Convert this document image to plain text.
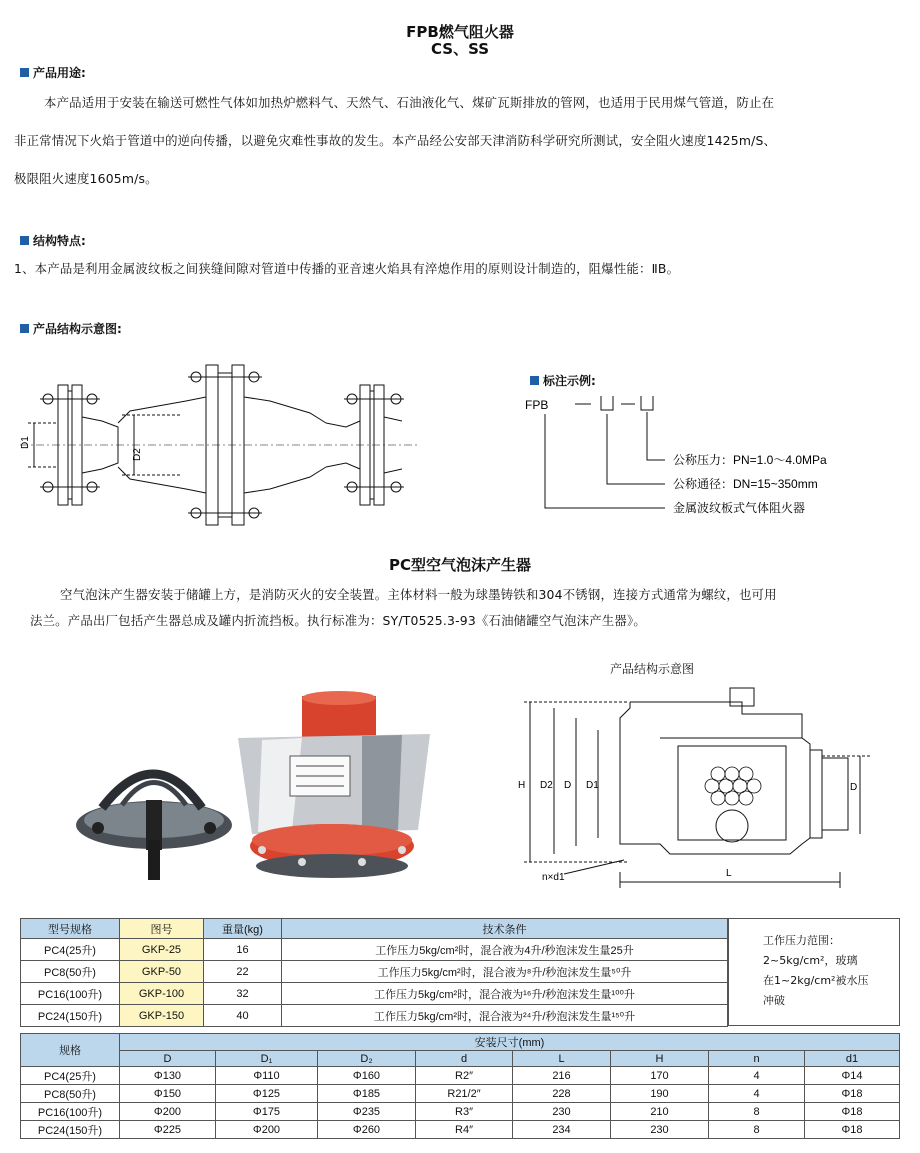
FPB燃气阻火器
CS、SS
产品用途:
本产品适用于安装在输送可燃性气体如加热炉燃料气、天然气、石油液化气、煤矿瓦斯排放的管网，也适用于民用煤气管道，防止在
非正常情况下火焰于管道中的逆向传播，以避免灾难性事故的发生。本产品经公安部天津消防科学研究所测试，安全阻火速度1425m/S、
极限阻火速度1605m/s。
结构特点:
1、本产品是利用金属波纹板之间狭缝间隙对管道中传播的亚音速火焰具有淬熄作用的原则设计制造的，阻爆性能：ⅡB。
产品结构示意图:
D1
D2
标注示例:
FPB
公称压力：PN=1.0～4.0MPa
公称通径：DN=15~350mm
金属波纹板式气体阻火器
PC型空气泡沫产生器
空气泡沫产生器安装于储罐上方，是消防灭火的安全装置。主体材料一般为球墨铸铁和304不锈钢，连接方式通常为螺纹，也可用
法兰。产品出厂包括产生器总成及罐内折流挡板。执行标准为：SY/T0525.3-93《石油储罐空气泡沫产生器》。
产品结构示意图
H D2 D D1	D
n×d1	L
型号规格	图号	重量(kg)	技术条件
PC4(25升)	GKP-25	16	工作压力5kg/cm²时，混合液为4升/秒泡沫发生量25升
PC8(50升)	GKP-50	22	工作压力5kg/cm²时，混合液为⁸升/秒泡沫发生量⁵⁰升
PC16(100升)	GKP-100	32	工作压力5kg/cm²时，混合液为¹⁶升/秒泡沫发生量¹⁰⁰升
PC24(150升)	GKP-150	40	工作压力5kg/cm²时，混合液为²⁴升/秒泡沫发生量¹⁵⁰升
工作压力范围：
2~5kg/cm²，玻璃
在1~2kg/cm²被水压
冲破
规格	安装尺寸(mm)							
	D	D₁	D₂	d	L	H	n	d1
PC4(25升)	Φ130	Φ110	Φ160	R2″	216	170	4	Φ14
PC8(50升)	Φ150	Φ125	Φ185	R21/2″	228	190	4	Φ18
PC16(100升)	Φ200	Φ175	Φ235	R3″	230	210	8	Φ18
PC24(150升)	Φ225	Φ200	Φ260	R4″	234	230	8	Φ18
